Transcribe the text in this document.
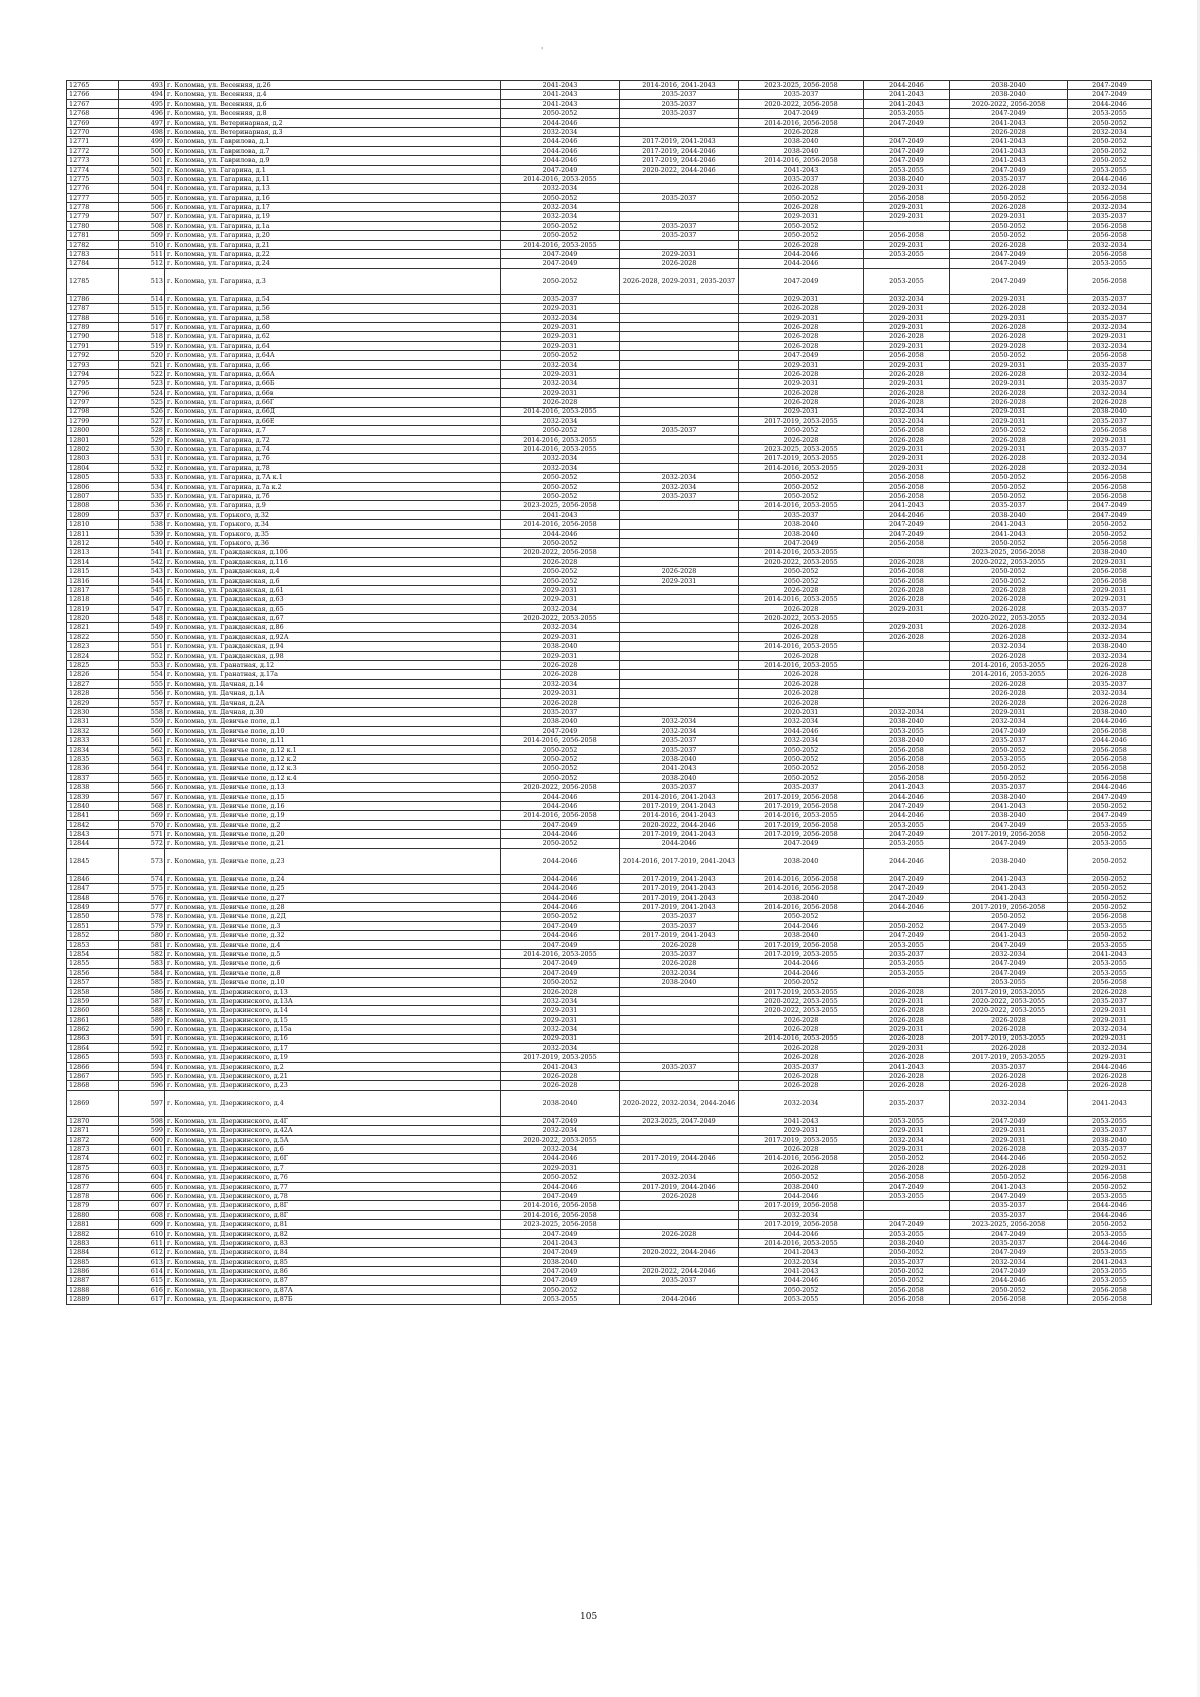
'
12765	493	г. Коломна, ул. Весенняя, д.26	2041-2043	2014-2016, 2041-2043	2023-2025, 2056-2058	2044-2046	2038-2040	2047-2049
12766	494	г. Коломна, ул. Весенняя, д.4	2041-2043	2035-2037	2035-2037	2041-2043	2038-2040	2047-2049
12767	495	г. Коломна, ул. Весенняя, д.6	2041-2043	2035-2037	2020-2022, 2056-2058	2041-2043	2020-2022, 2056-2058	2044-2046
12768	496	г. Коломна, ул. Весенняя, д.8	2050-2052	2035-2037	2047-2049	2053-2055	2047-2049	2053-2055
12769	497	г. Коломна, ул. Ветеринарная, д.2	2044-2046		2014-2016, 2056-2058	2047-2049	2041-2043	2050-2052
12770	498	г. Коломна, ул. Ветеринарная, д.3	2032-2034		2026-2028		2026-2028	2032-2034
12771	499	г. Коломна, ул. Гаврилова, д.1	2044-2046	2017-2019, 2041-2043	2038-2040	2047-2049	2041-2043	2050-2052
12772	500	г. Коломна, ул. Гаврилова, д.7	2044-2046	2017-2019, 2044-2046	2038-2040	2047-2049	2041-2043	2050-2052
12773	501	г. Коломна, ул. Гаврилова, д.9	2044-2046	2017-2019, 2044-2046	2014-2016, 2056-2058	2047-2049	2041-2043	2050-2052
12774	502	г. Коломна, ул. Гагарина, д.1	2047-2049	2020-2022, 2044-2046	2041-2043	2053-2055	2047-2049	2053-2055
12775	503	г. Коломна, ул. Гагарина, д.11	2014-2016, 2053-2055		2035-2037	2038-2040	2035-2037	2044-2046
12776	504	г. Коломна, ул. Гагарина, д.13	2032-2034		2026-2028	2029-2031	2026-2028	2032-2034
12777	505	г. Коломна, ул. Гагарина, д.16	2050-2052	2035-2037	2050-2052	2056-2058	2050-2052	2056-2058
12778	506	г. Коломна, ул. Гагарина, д.17	2032-2034		2026-2028	2029-2031	2026-2028	2032-2034
12779	507	г. Коломна, ул. Гагарина, д.19	2032-2034		2029-2031	2029-2031	2029-2031	2035-2037
12780	508	г. Коломна, ул. Гагарина, д.1а	2050-2052	2035-2037	2050-2052		2050-2052	2056-2058
12781	509	г. Коломна, ул. Гагарина, д.20	2050-2052	2035-2037	2050-2052	2056-2058	2050-2052	2056-2058
12782	510	г. Коломна, ул. Гагарина, д.21	2014-2016, 2053-2055		2026-2028	2029-2031	2026-2028	2032-2034
12783	511	г. Коломна, ул. Гагарина, д.22	2047-2049	2029-2031	2044-2046	2053-2055	2047-2049	2056-2058
12784	512	г. Коломна, ул. Гагарина, д.24	2047-2049	2026-2028	2044-2046		2047-2049	2053-2055
12785	513	г. Коломна, ул. Гагарина, д.3	2050-2052	2026-2028, 2029-2031, 2035-2037	2047-2049	2053-2055	2047-2049	2056-2058
12786	514	г. Коломна, ул. Гагарина, д.54	2035-2037		2029-2031	2032-2034	2029-2031	2035-2037
12787	515	г. Коломна, ул. Гагарина, д.56	2029-2031		2026-2028	2029-2031	2026-2028	2032-2034
12788	516	г. Коломна, ул. Гагарина, д.58	2032-2034		2029-2031	2029-2031	2029-2031	2035-2037
12789	517	г. Коломна, ул. Гагарина, д.60	2029-2031		2026-2028	2029-2031	2026-2028	2032-2034
12790	518	г. Коломна, ул. Гагарина, д.62	2029-2031		2026-2028	2026-2028	2026-2028	2029-2031
12791	519	г. Коломна, ул. Гагарина, д.64	2029-2031		2026-2028	2029-2031	2029-2028	2032-2034
12792	520	г. Коломна, ул. Гагарина, д.64А	2050-2052		2047-2049	2056-2058	2050-2052	2056-2058
12793	521	г. Коломна, ул. Гагарина, д.66	2032-2034		2029-2031	2029-2031	2029-2031	2035-2037
12794	522	г. Коломна, ул. Гагарина, д.66А	2029-2031		2026-2028	2026-2028	2026-2028	2032-2034
12795	523	г. Коломна, ул. Гагарина, д.66Б	2032-2034		2029-2031	2029-2031	2029-2031	2035-2037
12796	524	г. Коломна, ул. Гагарина, д.66в	2029-2031		2026-2028	2026-2028	2026-2028	2032-2034
12797	525	г. Коломна, ул. Гагарина, д.66Г	2026-2028		2026-2028	2026-2028	2026-2028	2026-2028
12798	526	г. Коломна, ул. Гагарина, д.66Д	2014-2016, 2053-2055		2029-2031	2032-2034	2029-2031	2038-2040
12799	527	г. Коломна, ул. Гагарина, д.66Е	2032-2034		2017-2019, 2053-2055	2032-2034	2029-2031	2035-2037
12800	528	г. Коломна, ул. Гагарина, д.7	2050-2052	2035-2037	2050-2052	2056-2058	2050-2052	2056-2058
12801	529	г. Коломна, ул. Гагарина, д.72	2014-2016, 2053-2055		2026-2028	2026-2028	2026-2028	2029-2031
12802	530	г. Коломна, ул. Гагарина, д.74	2014-2016, 2053-2055		2023-2025, 2053-2055	2029-2031	2029-2031	2035-2037
12803	531	г. Коломна, ул. Гагарина, д.76	2032-2034		2017-2019, 2053-2055	2029-2031	2026-2028	2032-2034
12804	532	г. Коломна, ул. Гагарина, д.78	2032-2034		2014-2016, 2053-2055	2029-2031	2026-2028	2032-2034
12805	533	г. Коломна, ул. Гагарина, д.7А к.1	2050-2052	2032-2034	2050-2052	2056-2058	2050-2052	2056-2058
12806	534	г. Коломна, ул. Гагарина, д.7а к.2	2050-2052	2032-2034	2050-2052	2056-2058	2050-2052	2056-2058
12807	535	г. Коломна, ул. Гагарина, д.7б	2050-2052	2035-2037	2050-2052	2056-2058	2050-2052	2056-2058
12808	536	г. Коломна, ул. Гагарина, д.9	2023-2025, 2056-2058		2014-2016, 2053-2055	2041-2043	2035-2037	2047-2049
12809	537	г. Коломна, ул. Горького, д.32	2041-2043		2035-2037	2044-2046	2038-2040	2047-2049
12810	538	г. Коломна, ул. Горького, д.34	2014-2016, 2056-2058		2038-2040	2047-2049	2041-2043	2050-2052
12811	539	г. Коломна, ул. Горького, д.35	2044-2046		2038-2040	2047-2049	2041-2043	2050-2052
12812	540	г. Коломна, ул. Горького, д.36	2050-2052		2047-2049	2056-2058	2050-2052	2056-2058
12813	541	г. Коломна, ул. Гражданская, д.106	2020-2022, 2056-2058		2014-2016, 2053-2055		2023-2025, 2056-2058	2038-2040
12814	542	г. Коломна, ул. Гражданская, д.116	2026-2028		2020-2022, 2053-2055	2026-2028	2020-2022, 2053-2055	2029-2031
12815	543	г. Коломна, ул. Гражданская, д.4	2050-2052	2026-2028	2050-2052	2056-2058	2050-2052	2056-2058
12816	544	г. Коломна, ул. Гражданская, д.6	2050-2052	2029-2031	2050-2052	2056-2058	2050-2052	2056-2058
12817	545	г. Коломна, ул. Гражданская, д.61	2029-2031		2026-2028	2026-2028	2026-2028	2029-2031
12818	546	г. Коломна, ул. Гражданская, д.63	2029-2031		2014-2016, 2053-2055	2026-2028	2026-2028	2029-2031
12819	547	г. Коломна, ул. Гражданская, д.65	2032-2034		2026-2028	2029-2031	2026-2028	2035-2037
12820	548	г. Коломна, ул. Гражданская, д.67	2020-2022, 2053-2055		2020-2022, 2053-2055		2020-2022, 2053-2055	2032-2034
12821	549	г. Коломна, ул. Гражданская, д.86	2032-2034		2026-2028	2029-2031	2026-2028	2032-2034
12822	550	г. Коломна, ул. Гражданская, д.92А	2029-2031		2026-2028	2026-2028	2026-2028	2032-2034
12823	551	г. Коломна, ул. Гражданская, д.94	2038-2040		2014-2016, 2053-2055		2032-2034	2038-2040
12824	552	г. Коломна, ул. Гражданская, д.98	2029-2031		2026-2028		2026-2028	2032-2034
12825	553	г. Коломна, ул. Гранатная, д.12	2026-2028		2014-2016, 2053-2055		2014-2016, 2053-2055	2026-2028
12826	554	г. Коломна, ул. Гранатная, д.17а	2026-2028		2026-2028		2014-2016, 2053-2055	2026-2028
12827	555	г. Коломна, ул. Дачная, д.14	2032-2034		2026-2028		2026-2028	2035-2037
12828	556	г. Коломна, ул. Дачная, д.1А	2029-2031		2026-2028		2026-2028	2032-2034
12829	557	г. Коломна, ул. Дачная, д.2А	2026-2028		2026-2028		2026-2028	2026-2028
12830	558	г. Коломна, ул. Дачная, д.30	2035-2037		2020-2031	2032-2034	2029-2031	2038-2040
12831	559	г. Коломна, ул. Девичье поле, д.1	2038-2040	2032-2034	2032-2034	2038-2040	2032-2034	2044-2046
12832	560	г. Коломна, ул. Девичье поле, д.10	2047-2049	2032-2034	2044-2046	2053-2055	2047-2049	2056-2058
12833	561	г. Коломна, ул. Девичье поле, д.11	2014-2016, 2056-2058	2035-2037	2032-2034	2038-2040	2035-2037	2044-2046
12834	562	г. Коломна, ул. Девичье поле, д.12 к.1	2050-2052	2035-2037	2050-2052	2056-2058	2050-2052	2056-2058
12835	563	г. Коломна, ул. Девичье поле, д.12 к.2	2050-2052	2038-2040	2050-2052	2056-2058	2053-2055	2056-2058
12836	564	г. Коломна, ул. Девичье поле, д.12 к.3	2050-2052	2041-2043	2050-2052	2056-2058	2050-2052	2056-2058
12837	565	г. Коломна, ул. Девичье поле, д.12 к.4	2050-2052	2038-2040	2050-2052	2056-2058	2050-2052	2056-2058
12838	566	г. Коломна, ул. Девичье поле, д.13	2020-2022, 2056-2058	2035-2037	2035-2037	2041-2043	2035-2037	2044-2046
12839	567	г. Коломна, ул. Девичье поле, д.15	2044-2046	2014-2016, 2041-2043	2017-2019, 2056-2058	2044-2046	2038-2040	2047-2049
12840	568	г. Коломна, ул. Девичье поле, д.16	2044-2046	2017-2019, 2041-2043	2017-2019, 2056-2058	2047-2049	2041-2043	2050-2052
12841	569	г. Коломна, ул. Девичье поле, д.19	2014-2016, 2056-2058	2014-2016, 2041-2043	2014-2016, 2053-2055	2044-2046	2038-2040	2047-2049
12842	570	г. Коломна, ул. Девичье поле, д.2	2047-2049	2020-2022, 2044-2046	2017-2019, 2056-2058	2053-2055	2047-2049	2053-2055
12843	571	г. Коломна, ул. Девичье поле, д.20	2044-2046	2017-2019, 2041-2043	2017-2019, 2056-2058	2047-2049	2017-2019, 2056-2058	2050-2052
12844	572	г. Коломна, ул. Девичье поле, д.21	2050-2052	2044-2046	2047-2049	2053-2055	2047-2049	2053-2055
12845	573	г. Коломна, ул. Девичье поле, д.23	2044-2046	2014-2016, 2017-2019, 2041-2043	2038-2040	2044-2046	2038-2040	2050-2052
12846	574	г. Коломна, ул. Девичье поле, д.24	2044-2046	2017-2019, 2041-2043	2014-2016, 2056-2058	2047-2049	2041-2043	2050-2052
12847	575	г. Коломна, ул. Девичье поле, д.25	2044-2046	2017-2019, 2041-2043	2014-2016, 2056-2058	2047-2049	2041-2043	2050-2052
12848	576	г. Коломна, ул. Девичье поле, д.27	2044-2046	2017-2019, 2041-2043	2038-2040	2047-2049	2041-2043	2050-2052
12849	577	г. Коломна, ул. Девичье поле, д.28	2044-2046	2017-2019, 2041-2043	2014-2016, 2056-2058	2044-2046	2017-2019, 2056-2058	2050-2052
12850	578	г. Коломна, ул. Девичье поле, д.2Д	2050-2052	2035-2037	2050-2052		2050-2052	2056-2058
12851	579	г. Коломна, ул. Девичье поле, д.3	2047-2049	2035-2037	2044-2046	2050-2052	2047-2049	2053-2055
12852	580	г. Коломна, ул. Девичье поле, д.32	2044-2046	2017-2019, 2041-2043	2038-2040	2047-2049	2041-2043	2050-2052
12853	581	г. Коломна, ул. Девичье поле, д.4	2047-2049	2026-2028	2017-2019, 2056-2058	2053-2055	2047-2049	2053-2055
12854	582	г. Коломна, ул. Девичье поле, д.5	2014-2016, 2053-2055	2035-2037	2017-2019, 2053-2055	2035-2037	2032-2034	2041-2043
12855	583	г. Коломна, ул. Девичье поле, д.6	2047-2049	2026-2028	2044-2046	2053-2055	2047-2049	2053-2055
12856	584	г. Коломна, ул. Девичье поле, д.8	2047-2049	2032-2034	2044-2046	2053-2055	2047-2049	2053-2055
12857	585	г. Коломна, ул. Девичье поле, д.10	2050-2052	2038-2040	2050-2052		2053-2055	2056-2058
12858	586	г. Коломна, ул. Дзержинского, д.13	2026-2028		2017-2019, 2053-2055	2026-2028	2017-2019, 2053-2055	2026-2028
12859	587	г. Коломна, ул. Дзержинского, д.13А	2032-2034		2020-2022, 2053-2055	2029-2031	2020-2022, 2053-2055	2035-2037
12860	588	г. Коломна, ул. Дзержинского, д.14	2029-2031		2020-2022, 2053-2055	2026-2028	2020-2022, 2053-2055	2029-2031
12861	589	г. Коломна, ул. Дзержинского, д.15	2029-2031		2026-2028	2026-2028	2026-2028	2029-2031
12862	590	г. Коломна, ул. Дзержинского, д.15а	2032-2034		2026-2028	2029-2031	2026-2028	2032-2034
12863	591	г. Коломна, ул. Дзержинского, д.16	2029-2031		2014-2016, 2053-2055	2026-2028	2017-2019, 2053-2055	2029-2031
12864	592	г. Коломна, ул. Дзержинского, д.17	2032-2034		2026-2028	2029-2031	2026-2028	2032-2034
12865	593	г. Коломна, ул. Дзержинского, д.19	2017-2019, 2053-2055		2026-2028	2026-2028	2017-2019, 2053-2055	2029-2031
12866	594	г. Коломна, ул. Дзержинского, д.2	2041-2043	2035-2037	2035-2037	2041-2043	2035-2037	2044-2046
12867	595	г. Коломна, ул. Дзержинского, д.21	2026-2028		2026-2028	2026-2028	2026-2028	2026-2028
12868	596	г. Коломна, ул. Дзержинского, д.23	2026-2028		2026-2028	2026-2028	2026-2028	2026-2028
12869	597	г. Коломна, ул. Дзержинского, д.4	2038-2040	2020-2022, 2032-2034, 2044-2046	2032-2034	2035-2037	2032-2034	2041-2043
12870	598	г. Коломна, ул. Дзержинского, д.4Г	2047-2049	2023-2025, 2047-2049	2041-2043	2053-2055	2047-2049	2053-2055
12871	599	г. Коломна, ул. Дзержинского, д.42А	2032-2034		2029-2031	2029-2031	2029-2031	2035-2037
12872	600	г. Коломна, ул. Дзержинского, д.5А	2020-2022, 2053-2055		2017-2019, 2053-2055	2032-2034	2029-2031	2038-2040
12873	601	г. Коломна, ул. Дзержинского, д.6	2032-2034		2026-2028	2029-2031	2026-2028	2035-2037
12874	602	г. Коломна, ул. Дзержинского, д.6Г	2044-2046	2017-2019, 2044-2046	2014-2016, 2056-2058	2050-2052	2044-2046	2050-2052
12875	603	г. Коломна, ул. Дзержинского, д.7	2029-2031		2026-2028	2026-2028	2026-2028	2029-2031
12876	604	г. Коломна, ул. Дзержинского, д.76	2050-2052	2032-2034	2050-2052	2056-2058	2050-2052	2056-2058
12877	605	г. Коломна, ул. Дзержинского, д.77	2044-2046	2017-2019, 2044-2046	2038-2040	2047-2049	2041-2043	2050-2052
12878	606	г. Коломна, ул. Дзержинского, д.78	2047-2049	2026-2028	2044-2046	2053-2055	2047-2049	2053-2055
12879	607	г. Коломна, ул. Дзержинского, д.8Г	2014-2016, 2056-2058		2017-2019, 2056-2058		2035-2037	2044-2046
12880	608	г. Коломна, ул. Дзержинского, д.8Г	2014-2016, 2056-2058		2032-2034		2035-2037	2044-2046
12881	609	г. Коломна, ул. Дзержинского, д.81	2023-2025, 2056-2058		2017-2019, 2056-2058	2047-2049	2023-2025, 2056-2058	2050-2052
12882	610	г. Коломна, ул. Дзержинского, д.82	2047-2049	2026-2028	2044-2046	2053-2055	2047-2049	2053-2055
12883	611	г. Коломна, ул. Дзержинского, д.83	2041-2043		2014-2016, 2053-2055	2038-2040	2035-2037	2044-2046
12884	612	г. Коломна, ул. Дзержинского, д.84	2047-2049	2020-2022, 2044-2046	2041-2043	2050-2052	2047-2049	2053-2055
12885	613	г. Коломна, ул. Дзержинского, д.85	2038-2040		2032-2034	2035-2037	2032-2034	2041-2043
12886	614	г. Коломна, ул. Дзержинского, д.86	2047-2049	2020-2022, 2044-2046	2041-2043	2050-2052	2047-2049	2053-2055
12887	615	г. Коломна, ул. Дзержинского, д.87	2047-2049	2035-2037	2044-2046	2050-2052	2044-2046	2053-2055
12888	616	г. Коломна, ул. Дзержинского, д.87А	2050-2052		2050-2052	2056-2058	2050-2052	2056-2058
12889	617	г. Коломна, ул. Дзержинского, д.87Б	2053-2055	2044-2046	2053-2055	2056-2058	2056-2058	2056-2058
105
